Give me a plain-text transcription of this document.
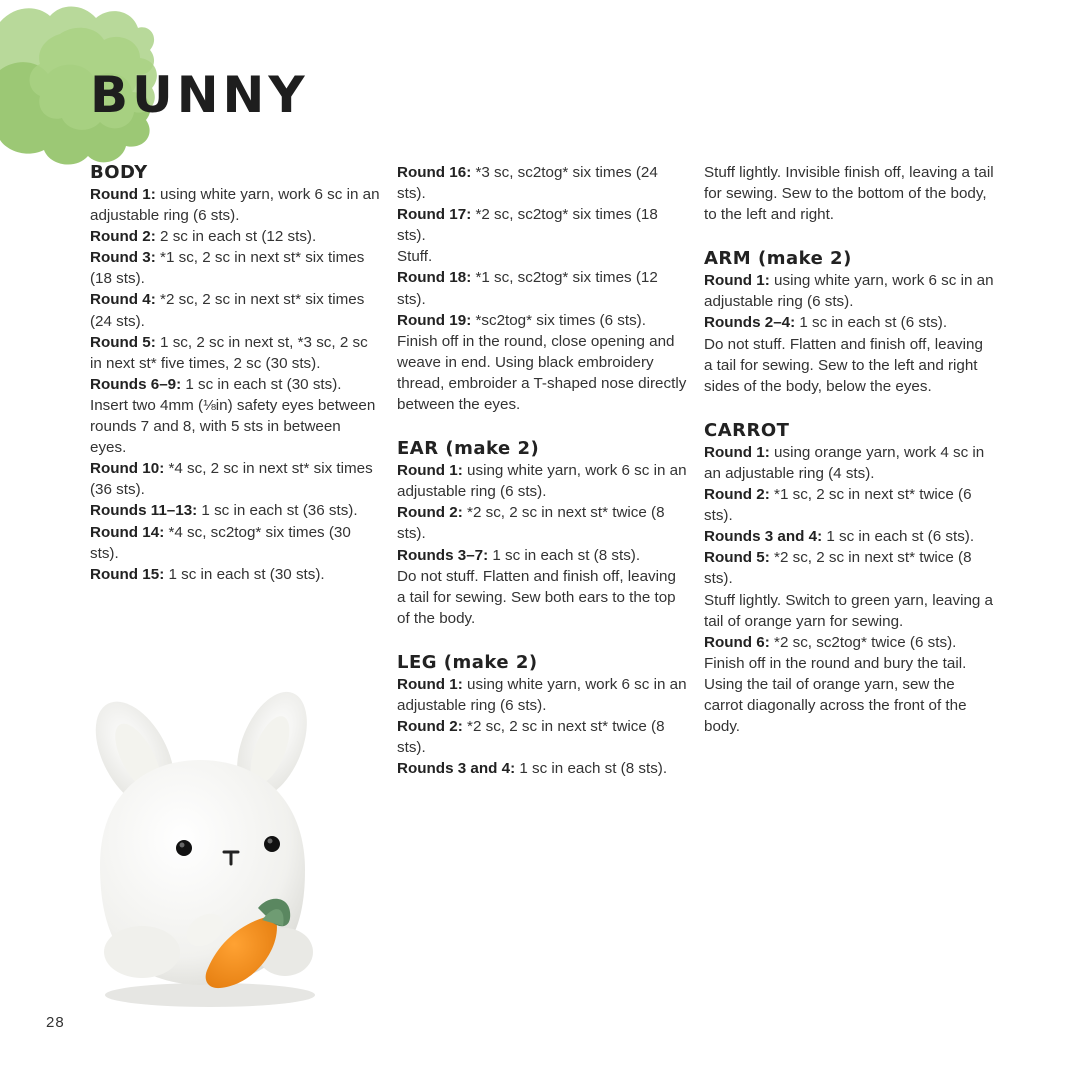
BUNNY
BODY

Round 1: using white yarn, work 6 sc in an adjustable ring (6 sts).

Round 2: 2 sc in each st (12 sts).

Round 3: *1 sc, 2 sc in next st* six times (18 sts).

Round 4: *2 sc, 2 sc in next st* six times (24 sts).

Round 5: 1 sc, 2 sc in next st, *3 sc, 2 sc in next st* five times, 2 sc (30 sts).

Rounds 6–9: 1 sc in each st (30 sts).

Insert two 4mm (⅛in) safety eyes between rounds 7 and 8, with 5 sts in between eyes.

Round 10: *4 sc, 2 sc in next st* six times (36 sts).

Rounds 11–13: 1 sc in each st (36 sts).

Round 14: *4 sc, sc2tog* six times (30 sts).

Round 15: 1 sc in each st (30 sts).

Round 16: *3 sc, sc2tog* six times (24 sts).

Round 17: *2 sc, sc2tog* six times (18 sts).

Stuff.

Round 18: *1 sc, sc2tog* six times (12 sts).

Round 19: *sc2tog* six times (6 sts).

Finish off in the round, close opening and weave in end. Using black embroidery thread, embroider a T-shaped nose directly between the eyes.

EAR (make 2)

Round 1: using white yarn, work 6 sc in an adjustable ring (6 sts).

Round 2: *2 sc, 2 sc in next st* twice (8 sts).

Rounds 3–7: 1 sc in each st (8 sts).

Do not stuff. Flatten and finish off, leaving a tail for sewing. Sew both ears to the top of the body.

LEG (make 2)

Round 1: using white yarn, work 6 sc in an adjustable ring (6 sts).

Round 2: *2 sc, 2 sc in next st* twice (8 sts).

Rounds 3 and 4: 1 sc in each st (8 sts).

Stuff lightly. Invisible finish off, leaving a tail for sewing. Sew to the bottom of the body, to the left and right.

ARM (make 2)

Round 1: using white yarn, work 6 sc in an adjustable ring (6 sts).

Rounds 2–4: 1 sc in each st (6 sts).

Do not stuff. Flatten and finish off, leaving a tail for sewing. Sew to the left and right sides of the body, below the eyes.

CARROT

Round 1: using orange yarn, work 4 sc in an adjustable ring (4 sts).

Round 2: *1 sc, 2 sc in next st* twice (6 sts).

Rounds 3 and 4: 1 sc in each st (6 sts).

Round 5: *2 sc, 2 sc in next st* twice (8 sts).

Stuff lightly. Switch to green yarn, leaving a tail of orange yarn for sewing.

Round 6: *2 sc, sc2tog* twice (6 sts).

Finish off in the round and bury the tail. Using the tail of orange yarn, sew the carrot diagonally across the front of the body.

28
